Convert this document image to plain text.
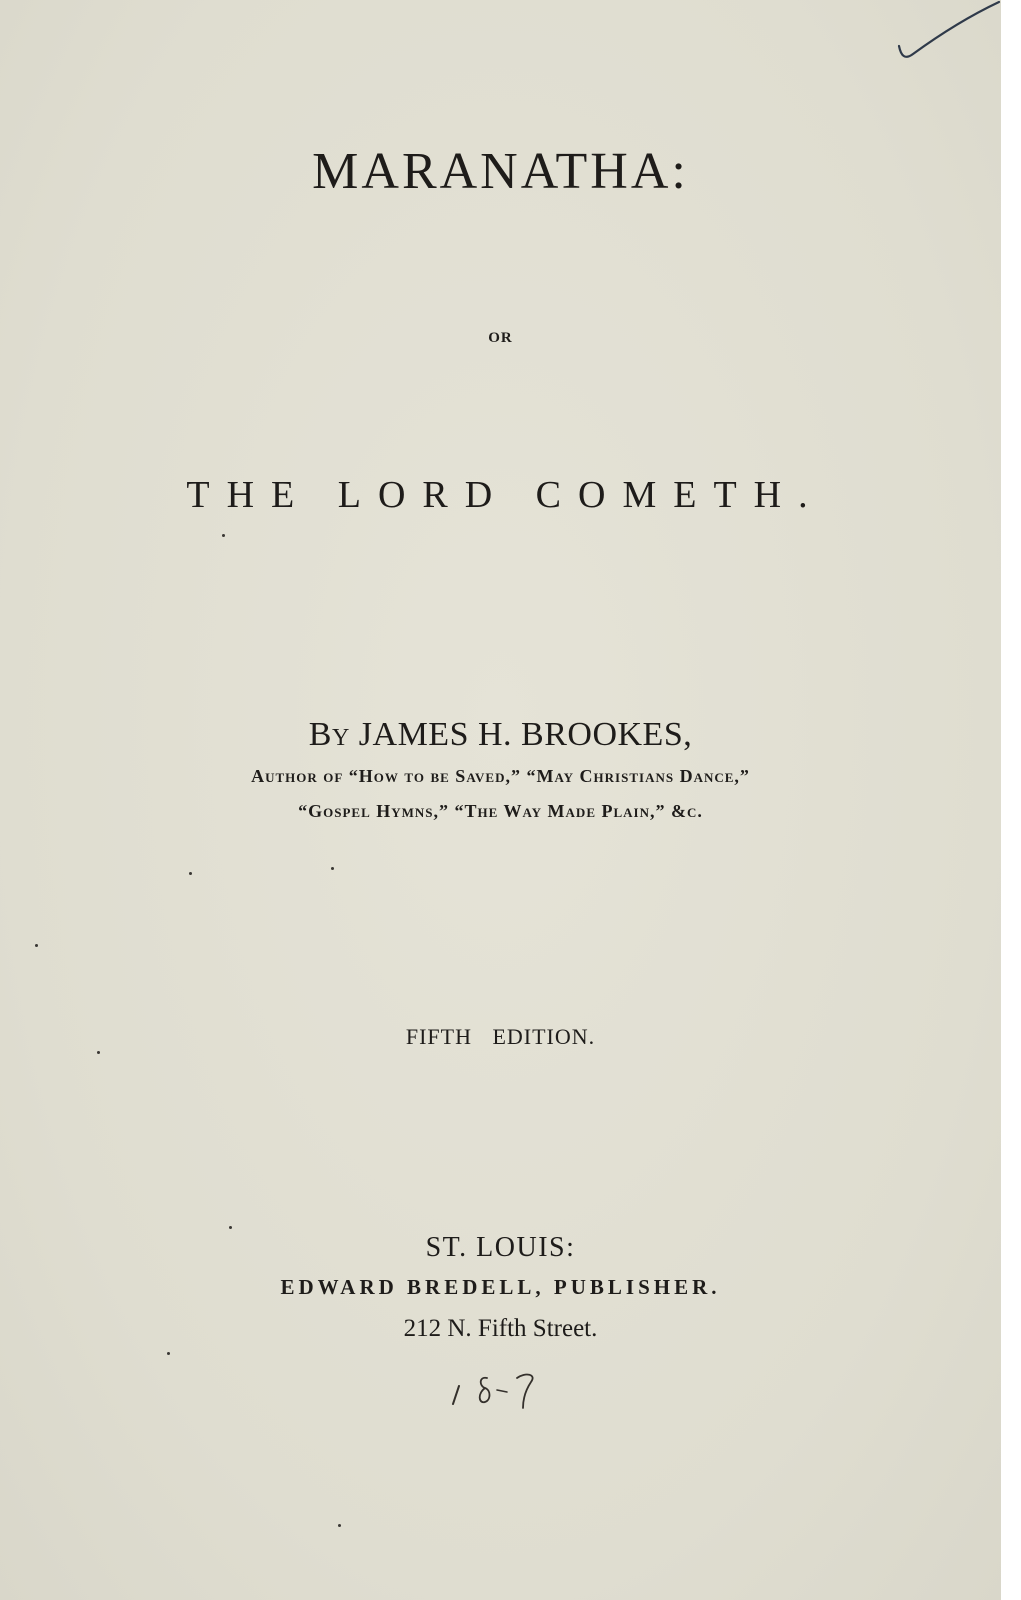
MARANATHA:
OR
THE LORD COMETH.
By JAMES H. BROOKES,
Author of “How to be Saved,” “May Christians Dance,”
“Gospel Hymns,” “The Way Made Plain,” &c.
FIFTH EDITION.
ST. LOUIS:
EDWARD BREDELL, PUBLISHER.
212 N. Fifth Street.
